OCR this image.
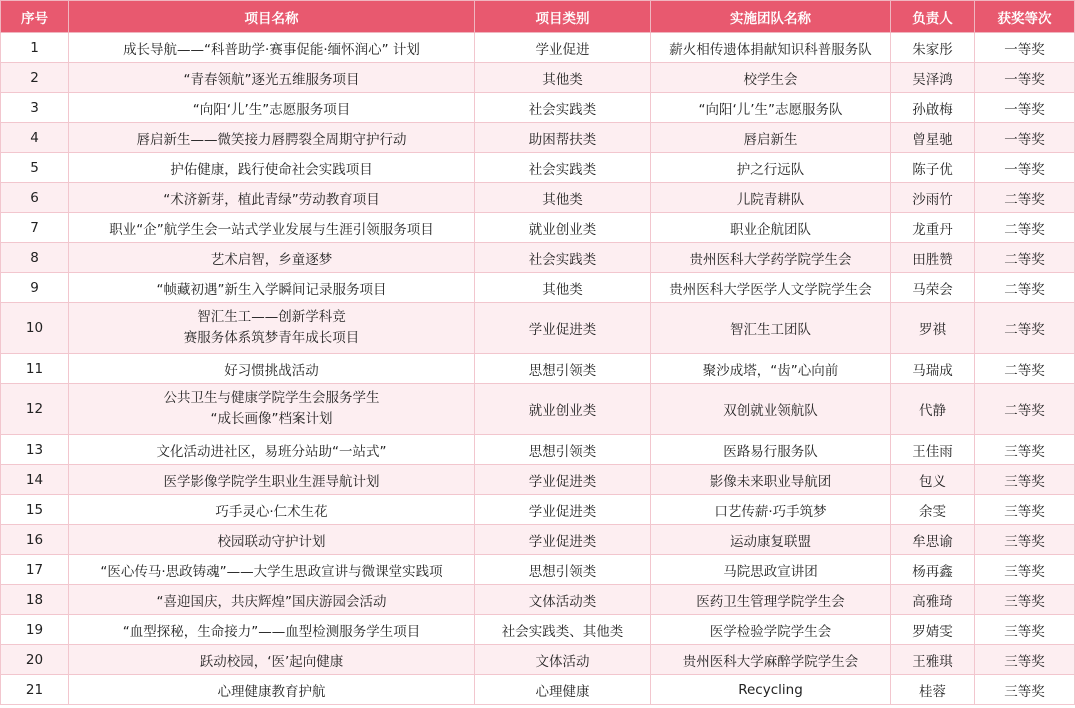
序号	项目名称	项目类别	实施团队名称	负责人	获奖等次
1	成长导航——“科普助学·赛事促能·缅怀润心” 计划	学业促进	薪火相传遗体捐献知识科普服务队	朱家彤	一等奖
2	“青春领航”逐光五维服务项目	其他类	校学生会	吴泽鸿	一等奖
3	“向阳‘儿’生”志愿服务项目	社会实践类	“向阳‘儿’生”志愿服务队	孙啟梅	一等奖
4	唇启新生——微笑接力唇腭裂全周期守护行动	助困帮扶类	唇启新生	曾星驰	一等奖
5	护佑健康，践行使命社会实践项目	社会实践类	护之行远队	陈子优	一等奖
6	“术济新芽，植此青绿”劳动教育项目	其他类	儿院青耕队	沙雨竹	二等奖
7	职业“企”航学生会一站式学业发展与生涯引领服务项目	就业创业类	职业企航团队	龙重丹	二等奖
8	艺术启智，乡童逐梦	社会实践类	贵州医科大学药学院学生会	田胜赞	二等奖
9	“帧藏初遇”新生入学瞬间记录服务项目	其他类	贵州医科大学医学人文学院学生会	马荣会	二等奖
10	智汇生工——创新学科竞
赛服务体系筑梦青年成长项目	学业促进类	智汇生工团队	罗祺	二等奖
11	好习惯挑战活动	思想引领类	聚沙成塔，“齿”心向前	马瑞成	二等奖
12	公共卫生与健康学院学生会服务学生
“成长画像”档案计划	就业创业类	双创就业领航队	代静	二等奖
13	文化活动进社区，易班分站助“一站式”	思想引领类	医路易行服务队	王佳雨	三等奖
14	医学影像学院学生职业生涯导航计划	学业促进类	影像未来职业导航团	包义	三等奖
15	巧手灵心·仁术生花	学业促进类	口艺传薪·巧手筑梦	余雯	三等奖
16	校园联动守护计划	学业促进类	运动康复联盟	牟思谕	三等奖
17	“医心传马·思政铸魂”——大学生思政宣讲与微课堂实践项	思想引领类	马院思政宣讲团	杨再鑫	三等奖
18	“喜迎国庆，共庆辉煌”国庆游园会活动	文体活动类	医药卫生管理学院学生会	高雅琦	三等奖
19	“血型探秘，生命接力”——血型检测服务学生项目	社会实践类、其他类	医学检验学院学生会	罗婧雯	三等奖
20	跃动校园，‘医’起向健康	文体活动	贵州医科大学麻醉学院学生会	王雅琪	三等奖
21	心理健康教育护航	心理健康	Recycling	桂蓉	三等奖
